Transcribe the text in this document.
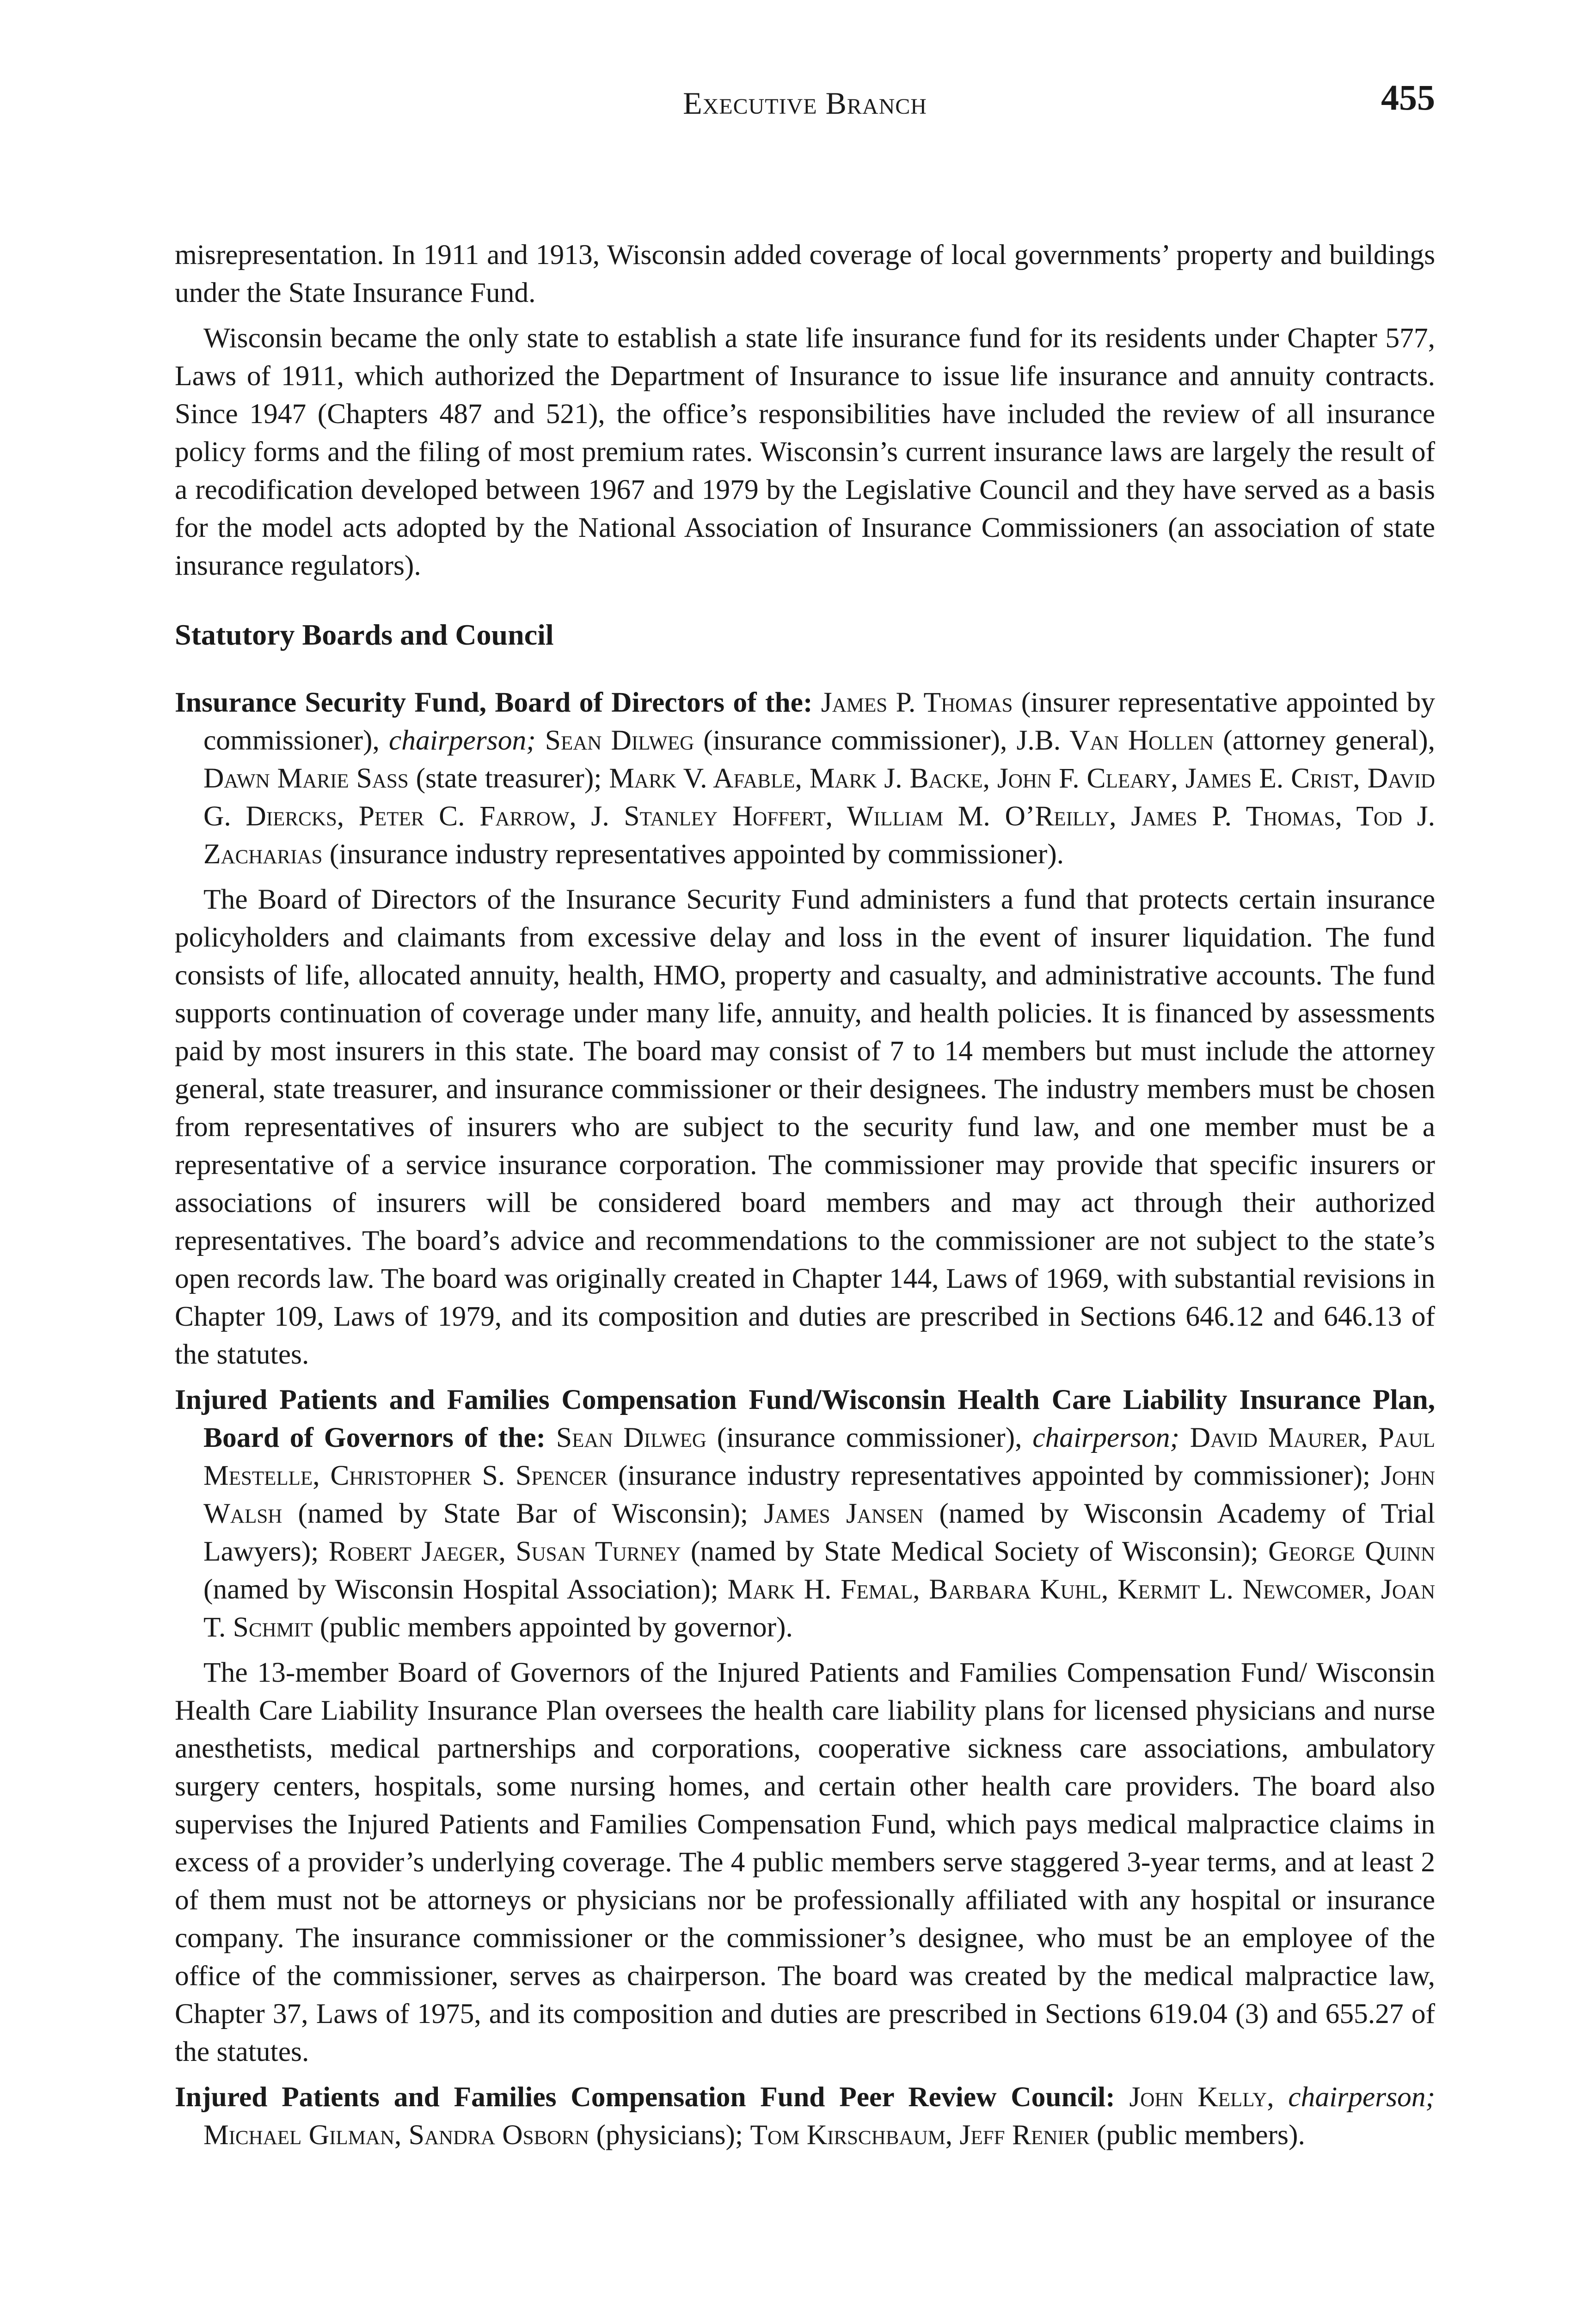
Executive Branch	455

misrepresentation. In 1911 and 1913, Wisconsin added coverage of local governments’ property and buildings under the State Insurance Fund.

Wisconsin became the only state to establish a state life insurance fund for its residents under Chapter 577, Laws of 1911, which authorized the Department of Insurance to issue life insurance and annuity contracts. Since 1947 (Chapters 487 and 521), the office’s responsibilities have included the review of all insurance policy forms and the filing of most premium rates. Wisconsin’s current insurance laws are largely the result of a recodification developed between 1967 and 1979 by the Legislative Council and they have served as a basis for the model acts adopted by the National Association of Insurance Commissioners (an association of state insurance regulators).

Statutory Boards and Council

Insurance Security Fund, Board of Directors of the: James P. Thomas (insurer representative appointed by commissioner), chairperson; Sean Dilweg (insurance commissioner), J.B. Van Hollen (attorney general), Dawn Marie Sass (state treasurer); Mark V. Afable, Mark J. Backe, John F. Cleary, James E. Crist, David G. Diercks, Peter C. Farrow, J. Stanley Hoffert, William M. O’Reilly, James P. Thomas, Tod J. Zacharias (insurance industry representatives appointed by commissioner).

The Board of Directors of the Insurance Security Fund administers a fund that protects certain insurance policyholders and claimants from excessive delay and loss in the event of insurer liquidation. The fund consists of life, allocated annuity, health, HMO, property and casualty, and administrative accounts. The fund supports continuation of coverage under many life, annuity, and health policies. It is financed by assessments paid by most insurers in this state. The board may consist of 7 to 14 members but must include the attorney general, state treasurer, and insurance commissioner or their designees. The industry members must be chosen from representatives of insurers who are subject to the security fund law, and one member must be a representative of a service insurance corporation. The commissioner may provide that specific insurers or associations of insurers will be considered board members and may act through their authorized representatives. The board’s advice and recommendations to the commissioner are not subject to the state’s open records law. The board was originally created in Chapter 144, Laws of 1969, with substantial revisions in Chapter 109, Laws of 1979, and its composition and duties are prescribed in Sections 646.12 and 646.13 of the statutes.

Injured Patients and Families Compensation Fund/Wisconsin Health Care Liability Insurance Plan, Board of Governors of the: Sean Dilweg (insurance commissioner), chairperson; David Maurer, Paul Mestelle, Christopher S. Spencer (insurance industry representatives appointed by commissioner); John Walsh (named by State Bar of Wisconsin); James Jansen (named by Wisconsin Academy of Trial Lawyers); Robert Jaeger, Susan Turney (named by State Medical Society of Wisconsin); George Quinn (named by Wisconsin Hospital Association); Mark H. Femal, Barbara Kuhl, Kermit L. Newcomer, Joan T. Schmit (public members appointed by governor).

The 13-member Board of Governors of the Injured Patients and Families Compensation Fund/ Wisconsin Health Care Liability Insurance Plan oversees the health care liability plans for licensed physicians and nurse anesthetists, medical partnerships and corporations, cooperative sickness care associations, ambulatory surgery centers, hospitals, some nursing homes, and certain other health care providers. The board also supervises the Injured Patients and Families Compensation Fund, which pays medical malpractice claims in excess of a provider’s underlying coverage. The 4 public members serve staggered 3-year terms, and at least 2 of them must not be attorneys or physicians nor be professionally affiliated with any hospital or insurance company. The insurance commissioner or the commissioner’s designee, who must be an employee of the office of the commissioner, serves as chairperson. The board was created by the medical malpractice law, Chapter 37, Laws of 1975, and its composition and duties are prescribed in Sections 619.04 (3) and 655.27 of the statutes.

Injured Patients and Families Compensation Fund Peer Review Council: John Kelly, chairperson; Michael Gilman, Sandra Osborn (physicians); Tom Kirschbaum, Jeff Renier (public members).
